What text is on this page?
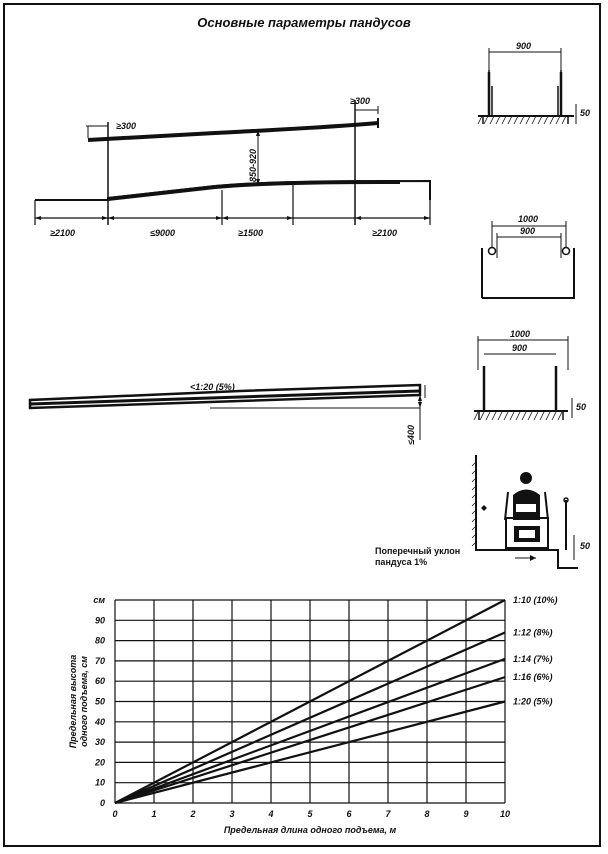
Основные параметры пандусов
≥300
≥300
850-920
≥2100	≤9000	≥1500	≥2100
<1:20 (5%)
≤400
900
50
1000
900
1000
900
50
50
Поперечный уклон
пандуса 1%
0	1	2	3	4	5	6	7	8	9	10
0
10
20
30
40
50
60
70
80
90
см	1:10 (10%)
1:12 (8%)
1:14 (7%)
1:16 (6%)
1:20 (5%)
Предельная длина одного подъема, м
Предельная высота одного подъема, см
